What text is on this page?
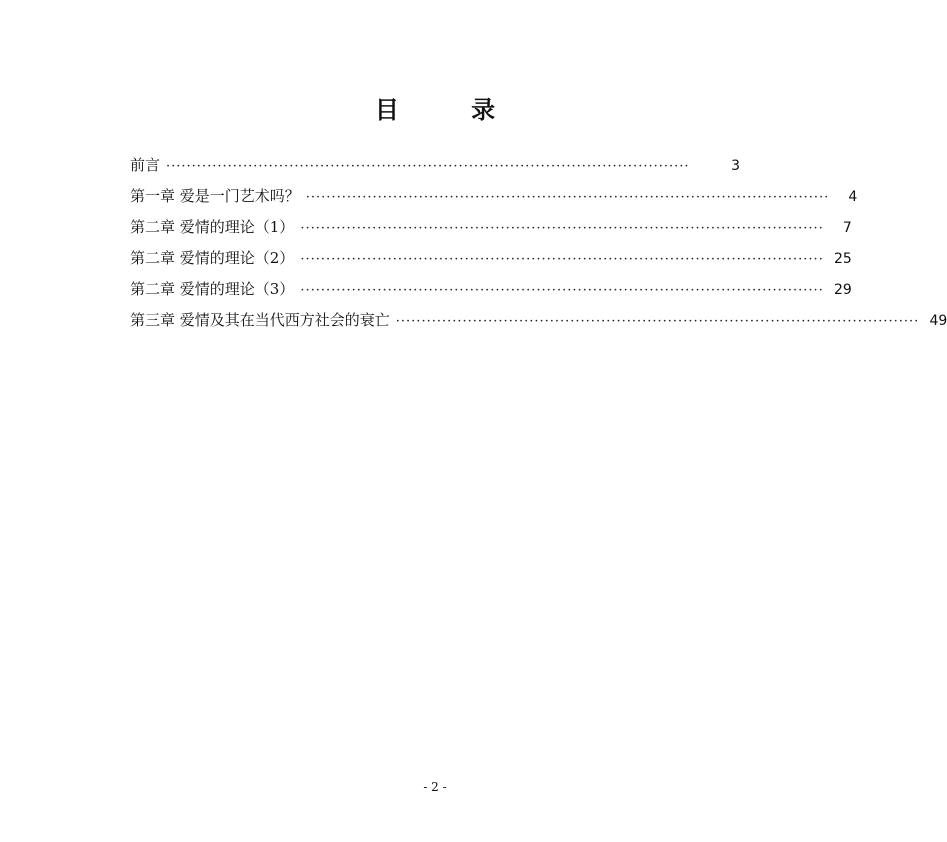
目 录
前言 ······································································································	3
第一章 爱是一门艺术吗？ ······································································································	4
第二章 爱情的理论（1） ······································································································	7
第二章 爱情的理论（2） ······································································································ 25
第二章 爱情的理论（3） ······································································································ 29
第三章 爱情及其在当代西方社会的衰亡 ······································································································ 49
- 2 -
